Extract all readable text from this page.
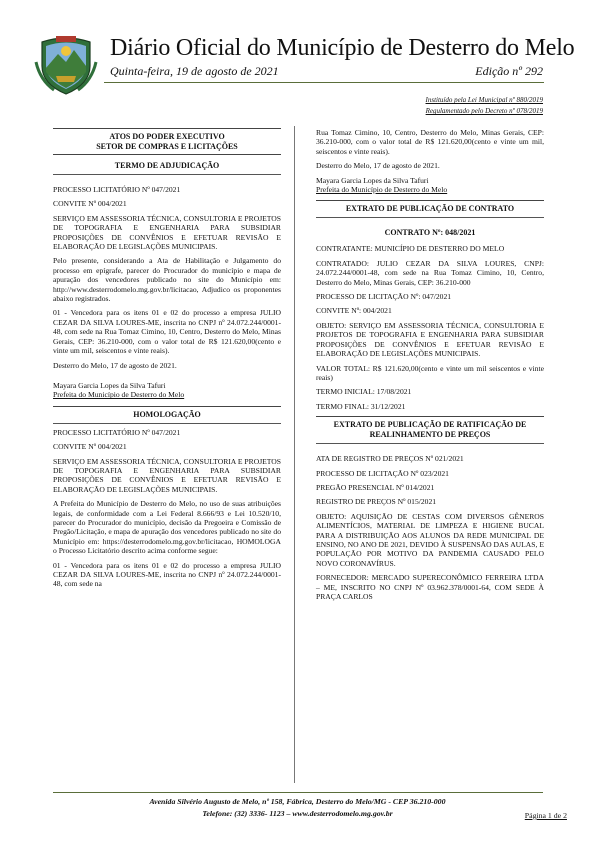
Diário Oficial do Município de Desterro do Melo
Quinta-feira, 19 de agosto de 2021	Edição nº 292
Instituído pela Lei Municipal nº 880/2019
Regulamentado pelo Decreto nº 078/2019
ATOS DO PODER EXECUTIVO
SETOR DE COMPRAS E LICITAÇÕES
TERMO DE ADJUDICAÇÃO

PROCESSO LICITATÓRIO Nº 047/2021

CONVITE Nº 004/2021

SERVIÇO EM ASSESSORIA TÉCNICA, CONSULTORIA E PROJETOS DE TOPOGRAFIA E ENGENHARIA PARA SUBSIDIAR PROPOSIÇÕES DE CONVÊNIOS E EFETUAR REVISÃO E ELABORAÇÃO DE LEGISLAÇÕES MUNICIPAIS.

Pelo presente, considerando a Ata de Habilitação e Julgamento do processo em epígrafe, parecer do Procurador do município e mapa de apuração dos vencedores publicado no site do Município em: http://www.desterrodomelo.mg.gov.br/licitacao, Adjudico os proponentes abaixo registrados.

01 - Vencedora para os itens 01 e 02 do processo a empresa JULIO CEZAR DA SILVA LOURES-ME, inscrita no CNPJ nº 24.072.244/0001-48, com sede na Rua Tomaz Cimino, 10, Centro, Desterro do Melo, Minas Gerais, CEP: 36.210-000, com o valor total de R$ 121.620,00(cento e vinte um mil, seiscentos e vinte reais).

Desterro do Melo, 17 de agosto de 2021.

Mayara Garcia Lopes da Silva Tafuri

Prefeita do Município de Desterro do Melo

HOMOLOGAÇÃO

PROCESSO LICITATÓRIO Nº 047/2021

CONVITE Nº 004/2021

SERVIÇO EM ASSESSORIA TÉCNICA, CONSULTORIA E PROJETOS DE TOPOGRAFIA E ENGENHARIA PARA SUBSIDIAR PROPOSIÇÕES DE CONVÊNIOS E EFETUAR REVISÃO E ELABORAÇÃO DE LEGISLAÇÕES MUNICIPAIS.

A Prefeita do Município de Desterro do Melo, no uso de suas atribuições legais, de conformidade com a Lei Federal 8.666/93 e Lei 10.520/10, parecer do Procurador do município, decisão da Pregoeira e Comissão de Pregão/Licitação, e mapa de apuração dos vencedores publicado no site do Município em: https://desterrodomelo.mg.gov.br/licitacao, HOMOLOGA o Processo Licitatório descrito acima conforme segue:

01 - Vencedora para os itens 01 e 02 do processo a empresa JULIO CEZAR DA SILVA LOURES-ME, inscrita no CNPJ nº 24.072.244/0001-48, com sede na

Rua Tomaz Cimino, 10, Centro, Desterro do Melo, Minas Gerais, CEP: 36.210-000, com o valor total de R$ 121.620,00(cento e vinte um mil, seiscentos e vinte reais).

Desterro do Melo, 17 de agosto de 2021.

Mayara Garcia Lopes da Silva Tafuri

Prefeita do Município de Desterro do Melo

EXTRATO DE PUBLICAÇÃO DE CONTRATO
CONTRATO Nº: 048/2021

CONTRATANTE: MUNICÍPIO DE DESTERRO DO MELO

CONTRATADO: JULIO CEZAR DA SILVA LOURES, CNPJ: 24.072.244/0001-48, com sede na Rua Tomaz Cimino, 10, Centro, Desterro do Melo, Minas Gerais, CEP: 36.210-000

PROCESSO DE LICITAÇÃO Nº: 047/2021

CONVITE Nº: 004/2021

OBJETO: SERVIÇO EM ASSESSORIA TÉCNICA, CONSULTORIA E PROJETOS DE TOPOGRAFIA E ENGENHARIA PARA SUBSIDIAR PROPOSIÇÕES DE CONVÊNIOS E EFETUAR REVISÃO E ELABORAÇÃO DE LEGISLAÇÕES MUNICIPAIS.

VALOR TOTAL: R$ 121.620,00(cento e vinte um mil seiscentos e vinte reais)

TERMO INICIAL: 17/08/2021

TERMO FINAL: 31/12/2021

EXTRATO DE PUBLICAÇÃO DE RATIFICAÇÃO DE REALINHAMENTO DE PREÇOS

ATA DE REGISTRO DE PREÇOS Nº 021/2021

PROCESSO DE LICITAÇÃO Nº 023/2021

PREGÃO PRESENCIAL Nº 014/2021

REGISTRO DE PREÇOS Nº 015/2021

OBJETO: AQUISIÇÃO DE CESTAS COM DIVERSOS GÊNEROS ALIMENTÍCIOS, MATERIAL DE LIMPEZA E HIGIENE BUCAL PARA A DISTRIBUIÇÃO AOS ALUNOS DA REDE MUNICIPAL DE ENSINO, NO ANO DE 2021, DEVIDO À SUSPENSÃO DAS AULAS, E POPULAÇÃO POR MOTIVO DA PANDEMIA CAUSADO PELO NOVO CORONAVÍRUS.

FORNECEDOR: MERCADO SUPERECONÔMICO FERREIRA LTDA – ME, INSCRITO NO CNPJ Nº 03.962.378/0001-64, COM SEDE À PRAÇA CARLOS

Avenida Silvério Augusto de Melo, nº 158, Fábrica, Desterro do Melo/MG - CEP 36.210-000
Telefone: (32) 3336- 1123 – www.desterrodomelo.mg.gov.br	Página 1 de 2
